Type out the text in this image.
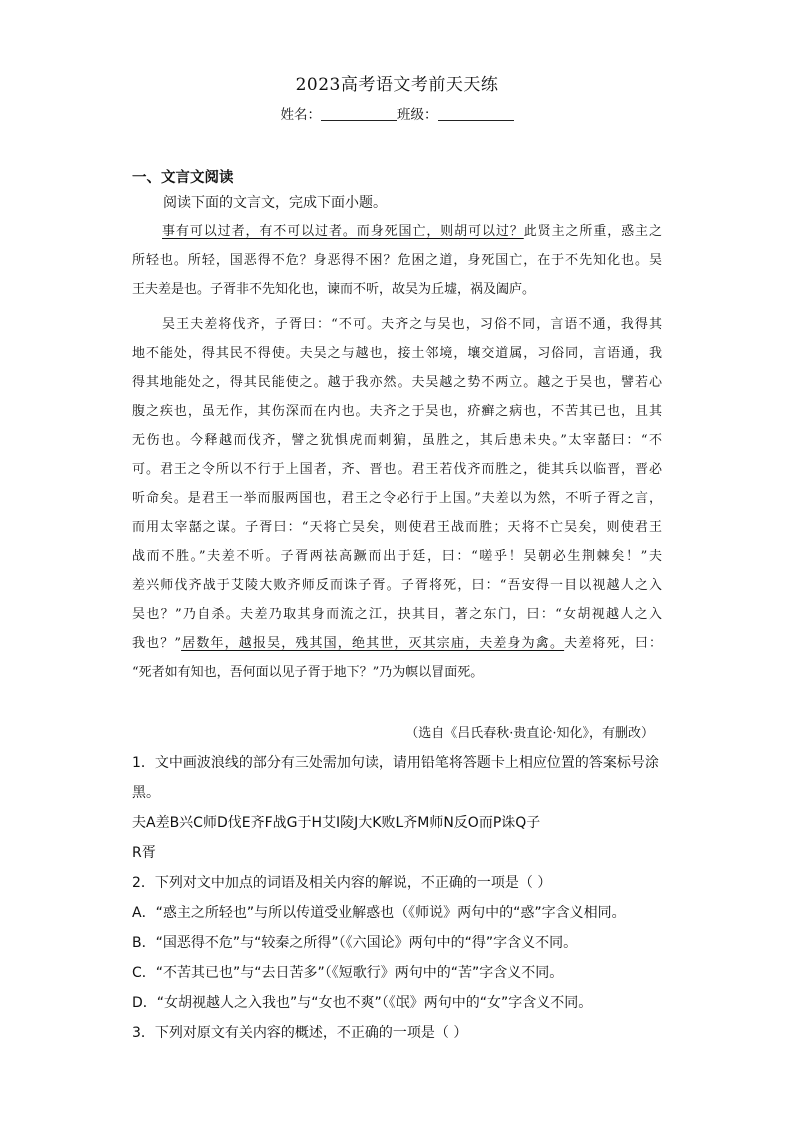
2023高考语文考前天天练
姓名：	班级：
一、文言文阅读
阅读下面的文言文，完成下面小题。
事有可以过者，有不可以过者。而身死国亡，则胡可以过？此贤主之所重，惑主之
所轻也。所轻，国恶得不危？身恶得不困？危困之道，身死国亡，在于不先知化也。吴
王夫差是也。子胥非不先知化也，谏而不听，故吴为丘墟，祸及阖庐。
吴王夫差将伐齐，子胥曰：“不可。夫齐之与吴也，习俗不同，言语不通，我得其
地不能处，得其民不得使。夫吴之与越也，接土邻境，壤交道属，习俗同，言语通，我
得其地能处之，得其民能使之。越于我亦然。夫吴越之势不两立。越之于吴也，譬若心
腹之疾也，虽无作，其伤深而在内也。夫齐之于吴也，疥癣之病也，不苦其已也，且其
无伤也。今释越而伐齐，譬之犹惧虎而刺猏，虽胜之，其后患未央。”太宰嚭曰：“不
可。君王之令所以不行于上国者，齐、晋也。君王若伐齐而胜之，徙其兵以临晋，晋必
听命矣。是君王一举而服两国也，君王之令必行于上国。”夫差以为然，不听子胥之言，
而用太宰嚭之谋。子胥曰：“天将亡吴矣，则使君王战而胜；天将不亡吴矣，则使君王
战而不胜。”夫差不听。子胥两祛高蹶而出于廷，曰：“嗟乎！吴朝必生荆棘矣！”夫
差兴师伐齐战于艾陵大败齐师反而诛子胥。子胥将死，曰：“吾安得一目以视越人之入
吴也？”乃自杀。夫差乃取其身而流之江，抉其目，著之东门，曰：“女胡视越人之入
我也？”居数年，越报吴，残其国，绝其世，灭其宗庙，夫差身为禽。夫差将死，曰：
“死者如有知也，吾何面以见子胥于地下？”乃为幎以冒面死。
（选自《吕氏春秋·贵直论·知化》，有删改）
1．文中画波浪线的部分有三处需加句读，请用铅笔将答题卡上相应位置的答案标号涂
黑。
夫A差B兴C师D伐E齐F战G于H艾I陵J大K败L齐M师N反O而P诛Q子
R胥
2．下列对文中加点的词语及相关内容的解说，不正确的一项是（ ）
A．“惑主之所轻也”与所以传道受业解惑也（《师说》两句中的“惑”字含义相同。
B．“国恶得不危”与“较秦之所得”（《六国论》两句中的“得”字含义不同。
C．“不苦其已也”与“去日苦多”（《短歌行》两句中的“苦”字含义不同。
D．“女胡视越人之入我也”与“女也不爽”（《氓》两句中的“女”字含义不同。
3．下列对原文有关内容的概述，不正确的一项是（ ）
